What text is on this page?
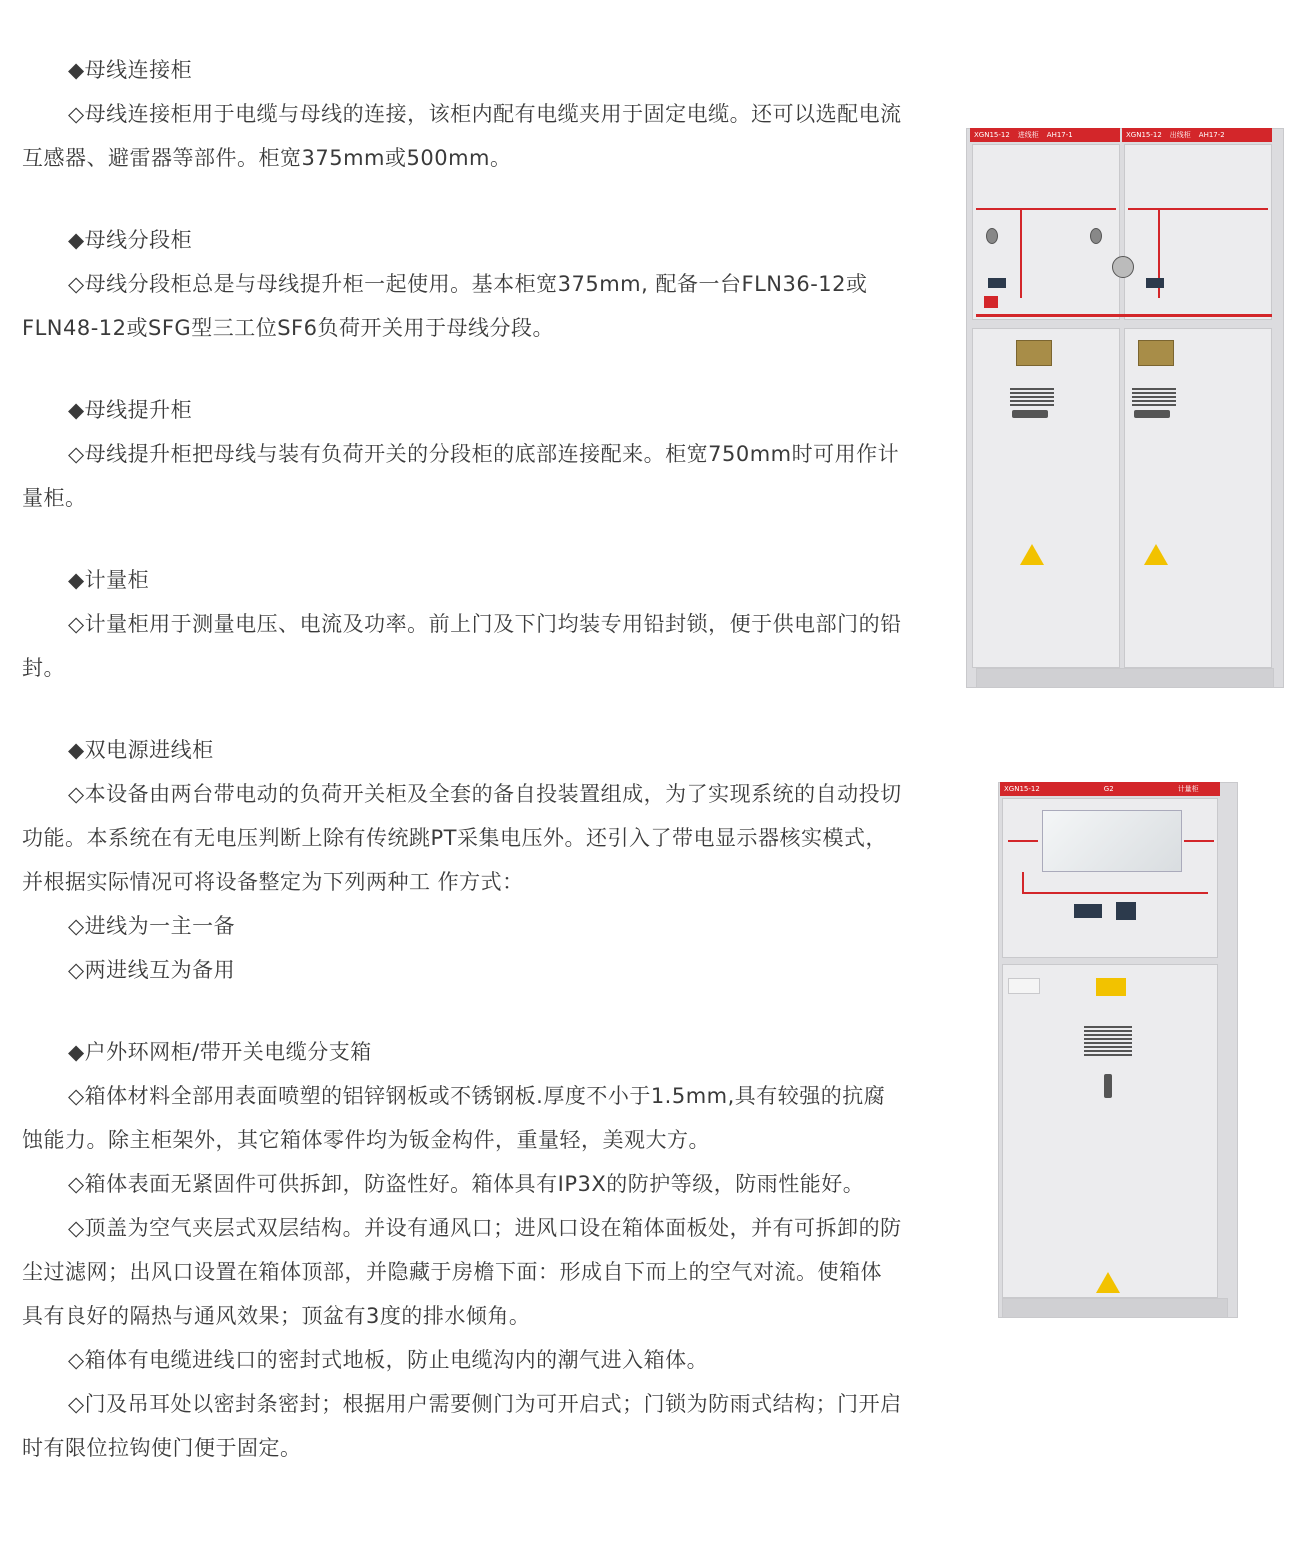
◆母线连接柜

◇母线连接柜用于电缆与母线的连接，该柜内配有电缆夹用于固定电缆。还可以选配电流互感器、避雷器等部件。柜宽375mm或500mm。

◆母线分段柜

◇母线分段柜总是与母线提升柜一起使用。基本柜宽375mm, 配备一台FLN36-12或FLN48-12或SFG型三工位SF6负荷开关用于母线分段。

◆母线提升柜

◇母线提升柜把母线与装有负荷开关的分段柜的底部连接配来。柜宽750mm时可用作计量柜。

◆计量柜

◇计量柜用于测量电压、电流及功率。前上门及下门均装专用铅封锁，便于供电部门的铅封。

◆双电源进线柜

◇本设备由两台带电动的负荷开关柜及全套的备自投装置组成，为了实现系统的自动投切功能。本系统在有无电压判断上除有传统跳PT采集电压外。还引入了带电显示器核实模式，并根据实际情况可将设备整定为下列两种工 作方式：

◇进线为一主一备

◇两进线互为备用

◆户外环网柜/带开关电缆分支箱

◇箱体材料全部用表面喷塑的铝锌钢板或不锈钢板.厚度不小于1.5mm,具有较强的抗腐蚀能力。除主柜架外，其它箱体零件均为钣金构件，重量轻，美观大方。

◇箱体表面无紧固件可供拆卸，防盗性好。箱体具有IP3X的防护等级，防雨性能好。

◇顶盖为空气夹层式双层结构。并设有通风口；进风口设在箱体面板处，并有可拆卸的防尘过滤网；出风口设置在箱体顶部，并隐藏于房檐下面：形成自下而上的空气对流。使箱体具有良好的隔热与通风效果；顶盆有3度的排水倾角。

◇箱体有电缆进线口的密封式地板，防止电缆沟内的潮气进入箱体。

◇门及吊耳处以密封条密封；根据用户需要侧门为可开启式；门锁为防雨式结构；门开启时有限位拉钩使门便于固定。

XGN15-12 进线柜 AH17-1	XGN15-12 出线柜 AH17-2
XGN15-12	G2	计量柜
